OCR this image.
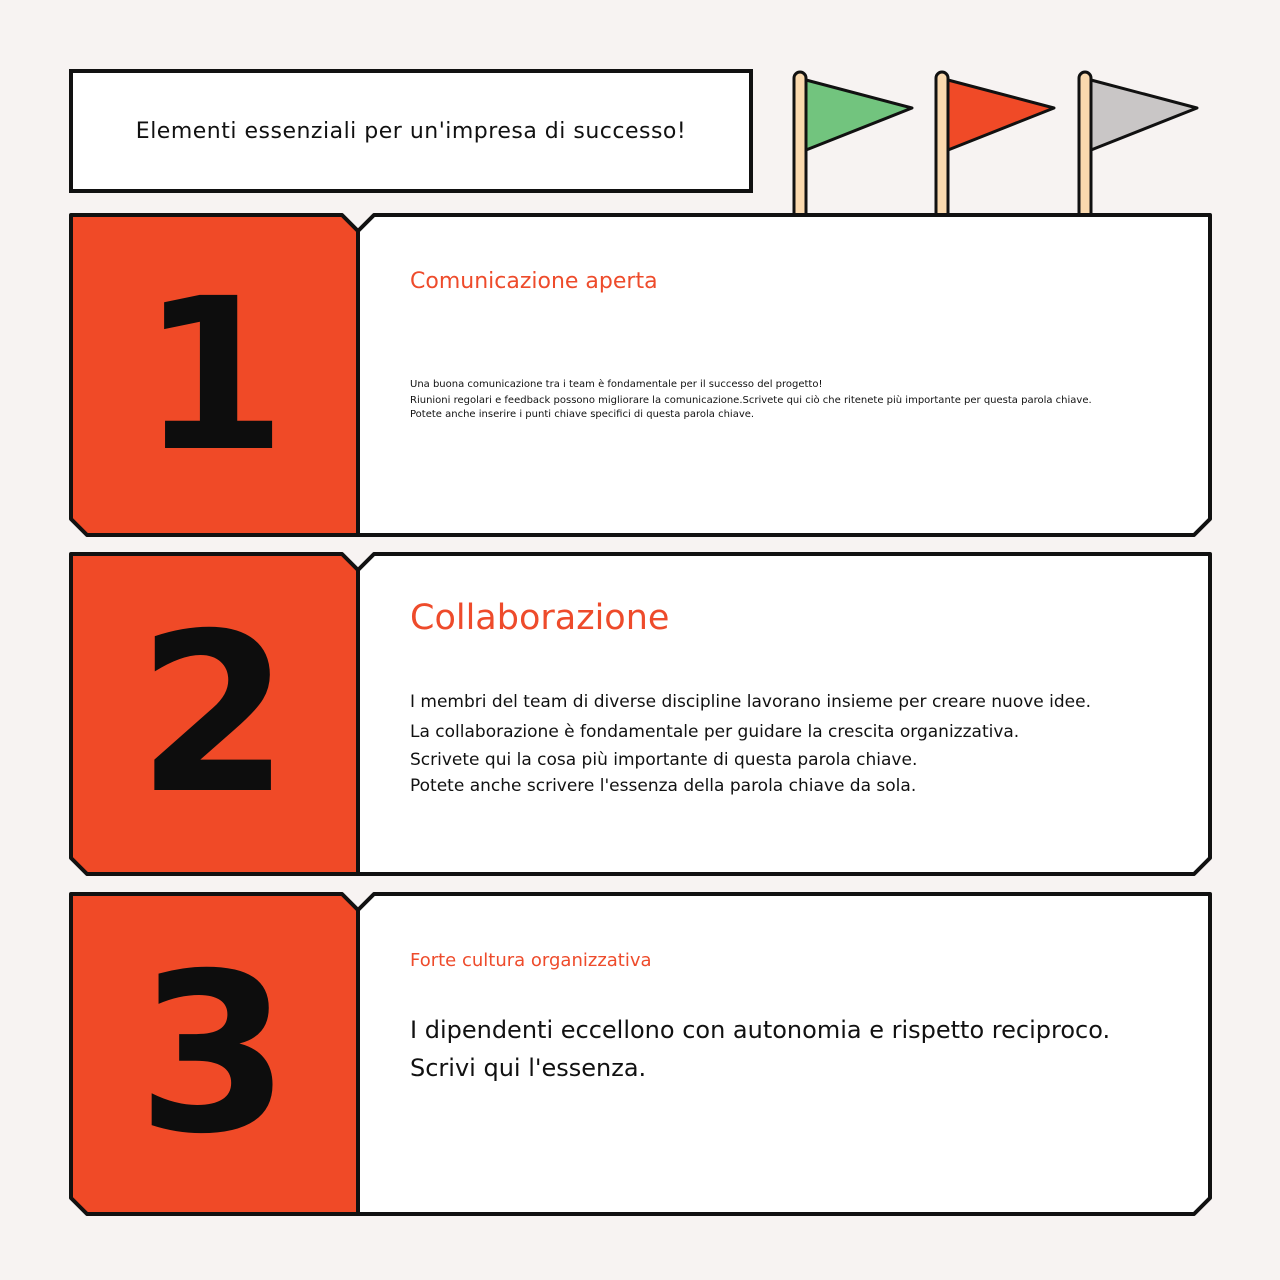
Elementi essenziali per un'impresa di successo!
1	Comunicazione aperta
Una buona comunicazione tra i team è fondamentale per il successo del progetto!
Riunioni regolari e feedback possono migliorare la comunicazione.Scrivete qui ciò che ritenete più importante per questa parola chiave.
Potete anche inserire i punti chiave specifici di questa parola chiave.
2	Collaborazione
I membri del team di diverse discipline lavorano insieme per creare nuove idee.
La collaborazione è fondamentale per guidare la crescita organizzativa.
Scrivete qui la cosa più importante di questa parola chiave.
Potete anche scrivere l'essenza della parola chiave da sola.
3	Forte cultura organizzativa
I dipendenti eccellono con autonomia e rispetto reciproco.
Scrivi qui l'essenza.
